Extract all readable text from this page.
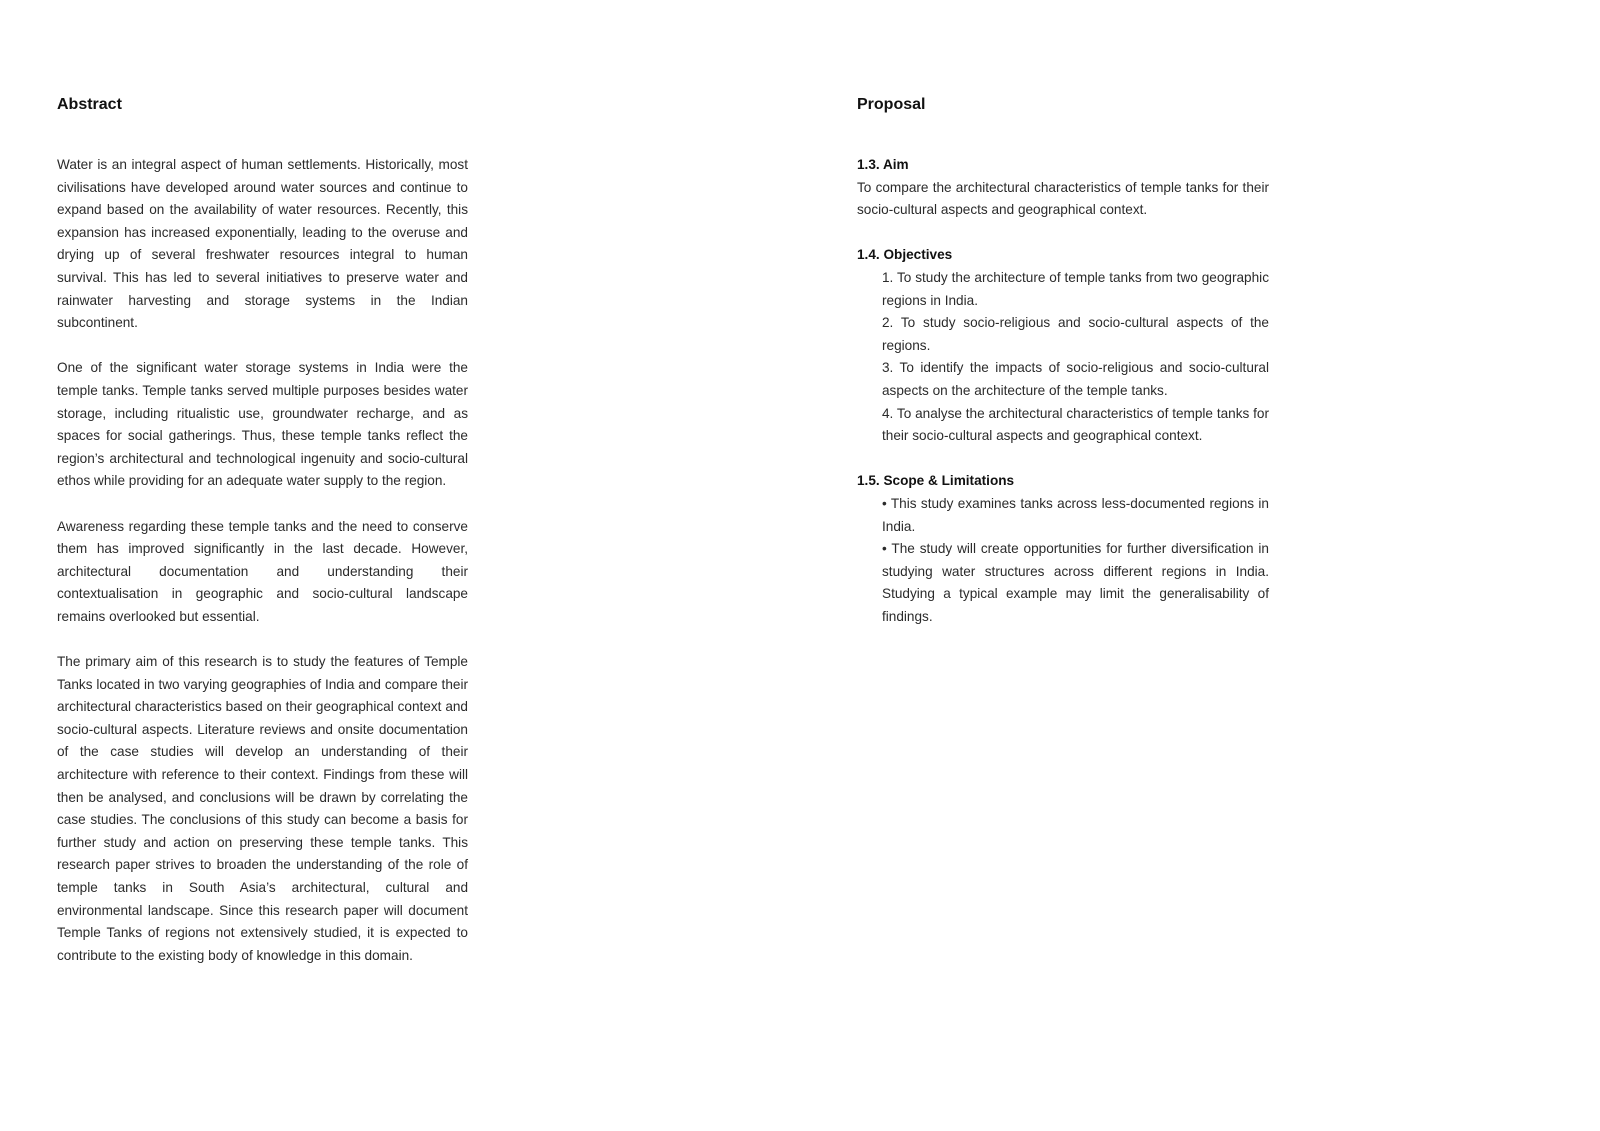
Abstract

Water is an integral aspect of human settlements. Historically, most civilisations have developed around water sources and continue to expand based on the availability of water resources. Recently, this expansion has increased exponentially, leading to the overuse and drying up of several freshwater resources integral to human survival. This has led to several initiatives to preserve water and rainwater harvesting and storage systems in the Indian subcontinent.

One of the significant water storage systems in India were the temple tanks. Temple tanks served multiple purposes besides water storage, including ritualistic use, groundwater recharge, and as spaces for social gatherings. Thus, these temple tanks reflect the region’s architectural and technological ingenuity and socio-cultural ethos while providing for an adequate water supply to the region.

Awareness regarding these temple tanks and the need to conserve them has improved significantly in the last decade. However, architectural documentation and understanding their contextualisation in geographic and socio-cultural landscape remains overlooked but essential.

The primary aim of this research is to study the features of Temple Tanks located in two varying geographies of India and compare their architectural characteristics based on their geographical context and socio-cultural aspects. Literature reviews and onsite documentation of the case studies will develop an understanding of their architecture with reference to their context. Findings from these will then be analysed, and conclusions will be drawn by correlating the case studies. The conclusions of this study can become a basis for further study and action on preserving these temple tanks. This research paper strives to broaden the understanding of the role of temple tanks in South Asia’s architectural, cultural and environmental landscape. Since this research paper will document Temple Tanks of regions not extensively studied, it is expected to contribute to the existing body of knowledge in this domain.

Proposal
1.3. Aim

To compare the architectural characteristics of temple tanks for their socio-cultural aspects and geographical context.

1.4. Objectives

1. To study the architecture of temple tanks from two geographic regions in India.

2. To study socio-religious and socio-cultural aspects of the regions.

3. To identify the impacts of socio-religious and socio-cultural aspects on the architecture of the temple tanks.

4. To analyse the architectural characteristics of temple tanks for their socio-cultural aspects and geographical context.

1.5. Scope & Limitations

• This study examines tanks across less-documented regions in India.

• The study will create opportunities for further diversification in studying water structures across different regions in India. Studying a typical example may limit the generalisability of findings.
